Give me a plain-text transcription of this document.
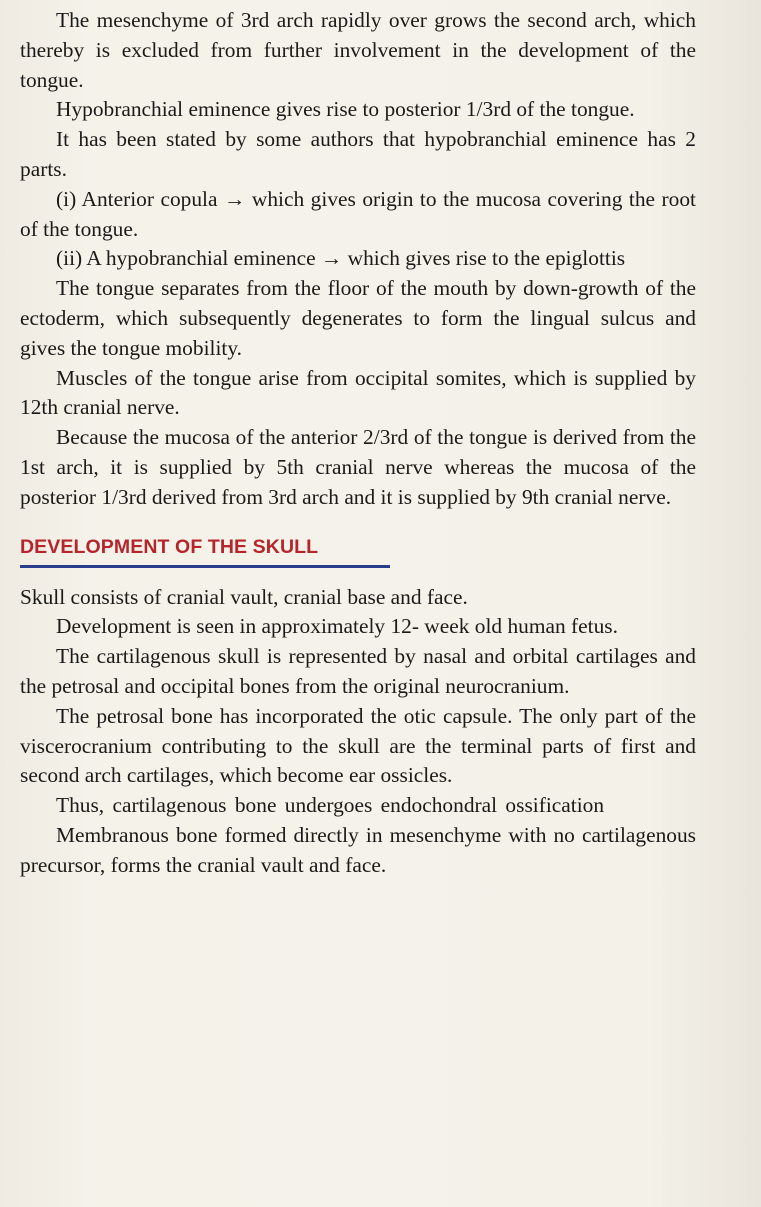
The mesenchyme of 3rd arch rapidly over grows the second arch, which thereby is excluded from further involvement in the development of the tongue.

Hypobranchial eminence gives rise to posterior 1/3rd of the tongue.

It has been stated by some authors that hypobranchial eminence has 2 parts.

(i) Anterior copula → which gives origin to the mucosa covering the root of the tongue.

(ii) A hypobranchial eminence → which gives rise to the epiglottis

The tongue separates from the floor of the mouth by down-growth of the ectoderm, which subsequently degenerates to form the lingual sulcus and gives the tongue mobility.

Muscles of the tongue arise from occipital somites, which is supplied by 12th cranial nerve.

Because the mucosa of the anterior 2/3rd of the tongue is derived from the 1st arch, it is supplied by 5th cranial nerve whereas the mucosa of the posterior 1/3rd derived from 3rd arch and it is supplied by 9th cranial nerve.

DEVELOPMENT OF THE SKULL

Skull consists of cranial vault, cranial base and face.

Development is seen in approximately 12- week old human fetus.

The cartilagenous skull is represented by nasal and orbital cartilages and the petrosal and occipital bones from the original neurocranium.

The petrosal bone has incorporated the otic capsule. The only part of the viscerocranium contributing to the skull are the terminal parts of first and second arch cartilages, which become ear ossicles.

Thus, cartilagenous bone undergoes endochondral ossification

Membranous bone formed directly in mesenchyme with no cartilagenous precursor, forms the cranial vault and face.
